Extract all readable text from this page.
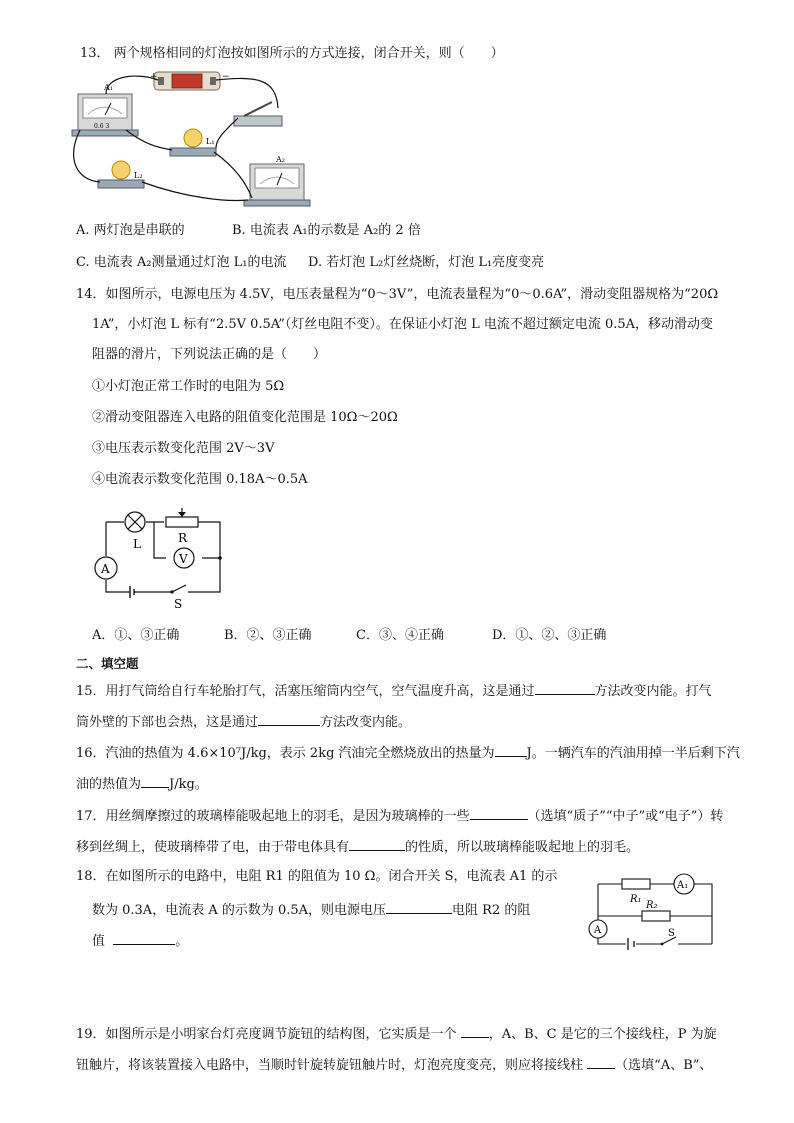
13． 两个规格相同的灯泡按如图所示的方式连接，闭合开关，则（　　）
+	−
A₁
0.6 3
L₁
L₂
A₂
A. 两灯泡是串联的	B. 电流表 A₁的示数是 A₂的 2 倍
C. 电流表 A₂测量通过灯泡 L₁的电流 D. 若灯泡 L₂灯丝烧断，灯泡 L₁亮度变亮
14．如图所示，电源电压为 4.5V，电压表量程为“0～3V”，电流表量程为“0～0.6A”，滑动变阻器规格为“20Ω
1A”，小灯泡 L 标有“2.5V 0.5A”（灯丝电阻不变）。在保证小灯泡 L 电流不超过额定电流 0.5A，移动滑动变
阻器的滑片，下列说法正确的是（　　）
①小灯泡正常工作时的电阻为 5Ω
②滑动变阻器连入电路的阻值变化范围是 10Ω～20Ω
③电压表示数变化范围 2V～3V
④电流表示数变化范围 0.18A～0.5A
L	R
V
A
S
A．①、③正确	B．②、③正确	C．③、④正确	D．①、②、③正确
二、填空题
15．用打气筒给自行车轮胎打气，活塞压缩筒内空气，空气温度升高，这是通过	方法改变内能。打气
筒外壁的下部也会热，这是通过	方法改变内能。
16．汽油的热值为 4.6×10⁷J/kg，表示 2kg 汽油完全燃烧放出的热量为 J。一辆汽车的汽油用掉一半后剩下汽
油的热值为 J/kg。
17．用丝绸摩擦过的玻璃棒能吸起地上的羽毛，是因为玻璃棒的一些	（选填“质子”“中子”或“电子”）转
移到丝绸上，使玻璃棒带了电，由于带电体具有	的性质，所以玻璃棒能吸起地上的羽毛。
18．在如图所示的电路中，电阻 R1 的阻值为 10 Ω。闭合开关 S，电流表 A1 的示
数为 0.3A，电流表 A 的示数为 0.5A，则电源电压	电阻 R2 的阻
值	。
R₁
A₁
R₂
A	S
19．如图所示是小明家台灯亮度调节旋钮的结构图，它实质是一个 ，A、B、C 是它的三个接线柱，P 为旋
钮触片，将该装置接入电路中，当顺时针旋转旋钮触片时，灯泡亮度变亮，则应将接线柱 （选填“A、B”、
